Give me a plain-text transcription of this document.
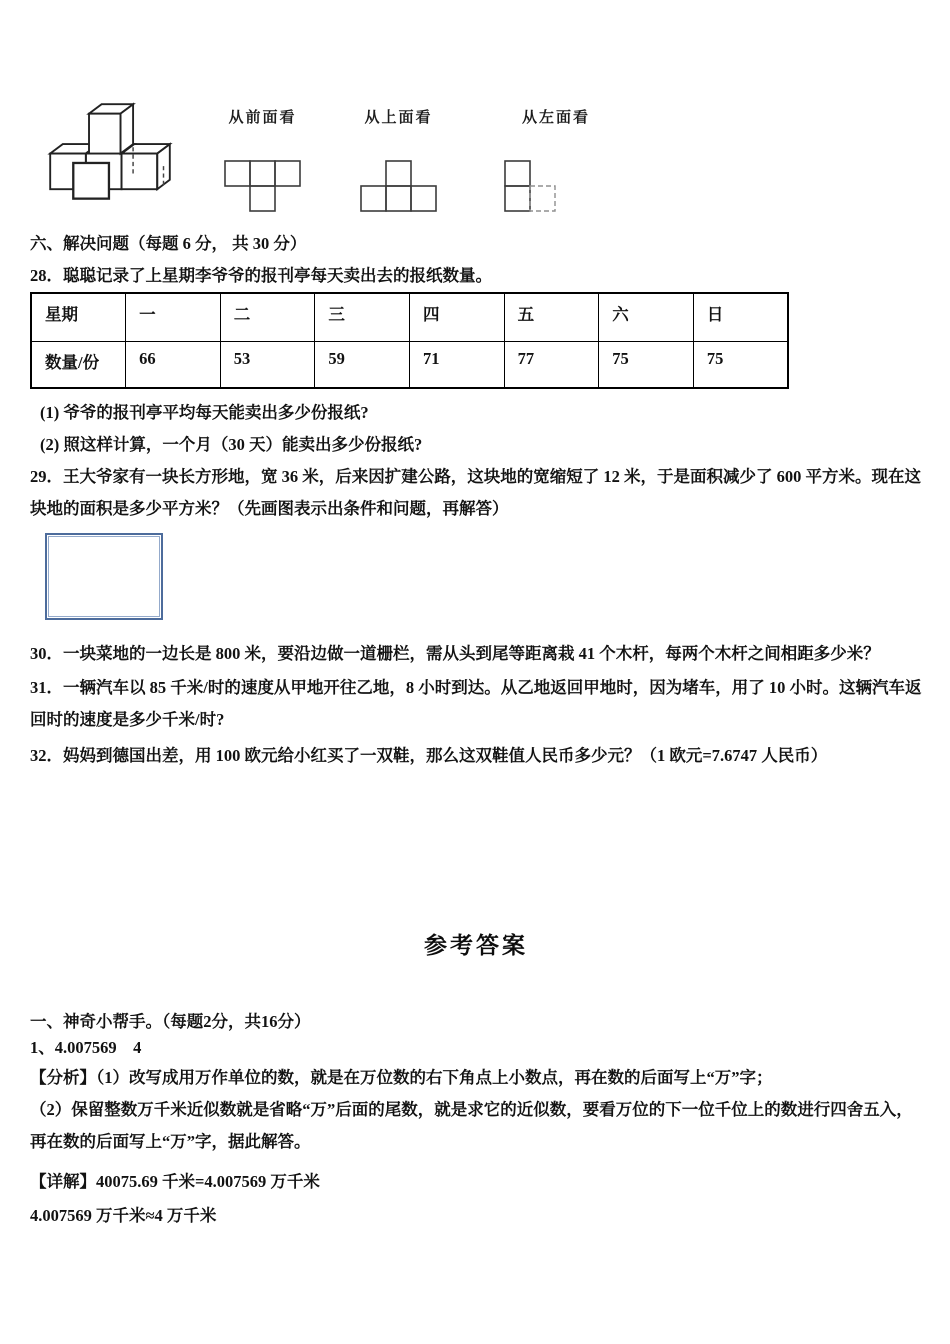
从前面看	从上面看	从左面看

六、解决问题（每题 6 分， 共 30 分）

28．聪聪记录了上星期李爷爷的报刊亭每天卖出去的报纸数量。

星期	一	二	三	四	五	六	日
数量/份	66	53	59	71	77	75	75

(1) 爷爷的报刊亭平均每天能卖出多少份报纸?

(2) 照这样计算，一个月（30 天）能卖出多少份报纸?

29．王大爷家有一块长方形地，宽 36 米，后来因扩建公路，这块地的宽缩短了 12 米，于是面积减少了 600 平方米。现在这块地的面积是多少平方米？（先画图表示出条件和问题，再解答）

30．一块菜地的一边长是 800 米，要沿边做一道栅栏，需从头到尾等距离栽 41 个木杆，每两个木杆之间相距多少米？

31．一辆汽车以 85 千米/时的速度从甲地开往乙地，8 小时到达。从乙地返回甲地时，因为堵车，用了 10 小时。这辆汽车返回时的速度是多少千米/时?

32．妈妈到德国出差，用 100 欧元给小红买了一双鞋，那么这双鞋值人民币多少元？（1 欧元=7.6747 人民币）

参考答案

一、神奇小帮手。（每题2分，共16分）

1、4.007569　4

【分析】（1）改写成用万作单位的数，就是在万位数的右下角点上小数点，再在数的后面写上“万”字；

（2）保留整数万千米近似数就是省略“万”后面的尾数，就是求它的近似数，要看万位的下一位千位上的数进行四舍五入，再在数的后面写上“万”字，据此解答。

【详解】40075.69 千米=4.007569 万千米

4.007569 万千米≈4 万千米
